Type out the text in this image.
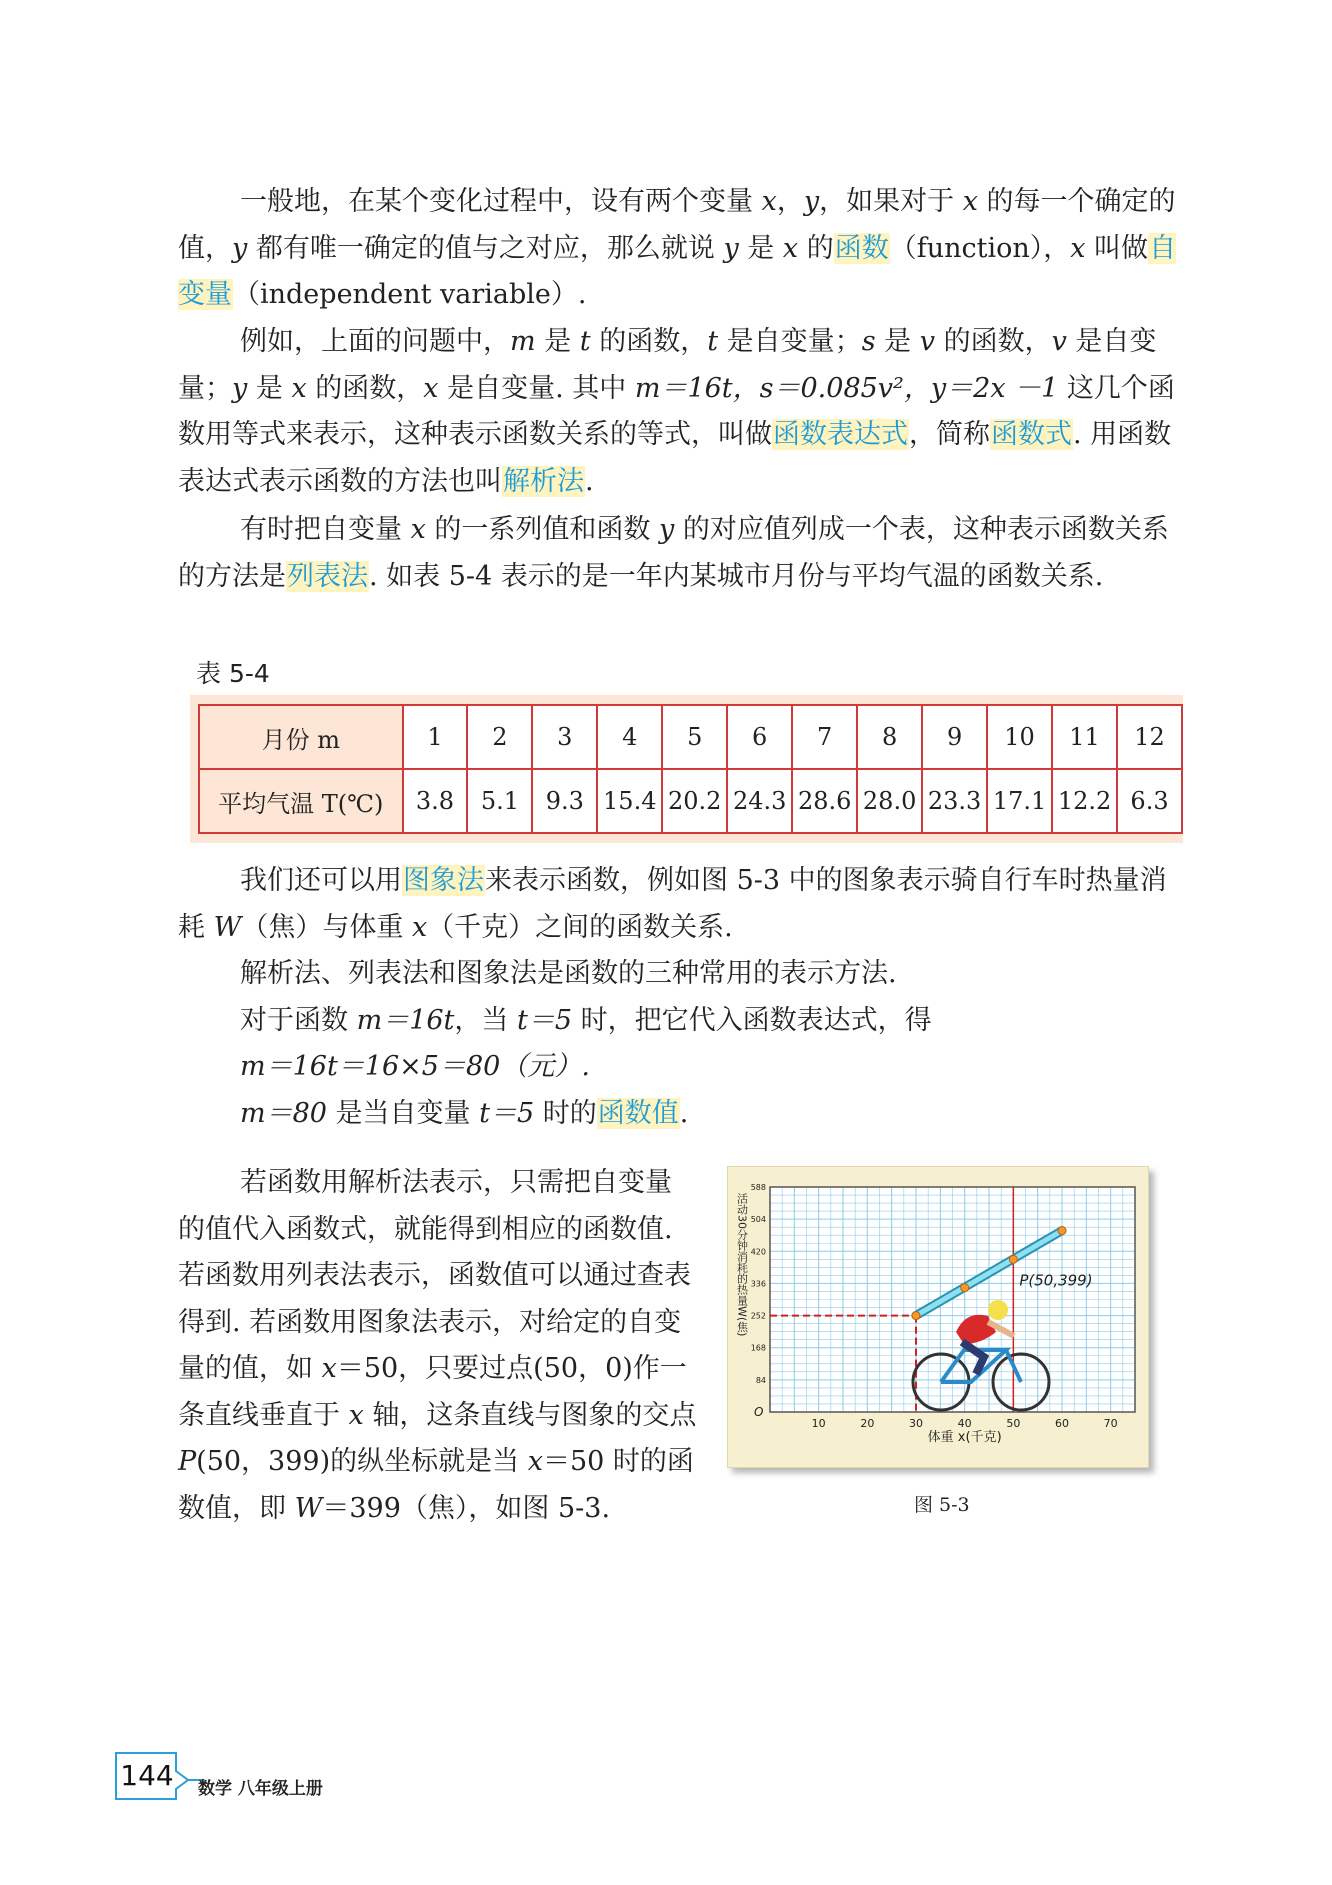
一般地，在某个变化过程中，设有两个变量 x，y，如果对于 x 的每一个确定的值，y 都有唯一确定的值与之对应，那么就说 y 是 x 的函数（function），x 叫做自变量（independent variable）.

例如，上面的问题中，m 是 t 的函数，t 是自变量；s 是 v 的函数，v 是自变量；y 是 x 的函数，x 是自变量. 其中 m＝16t，s＝0.085v²，y＝2x －1 这几个函数用等式来表示，这种表示函数关系的等式，叫做函数表达式，简称函数式. 用函数表达式表示函数的方法也叫解析法.

有时把自变量 x 的一系列值和函数 y 的对应值列成一个表，这种表示函数关系的方法是列表法. 如表 5-4 表示的是一年内某城市月份与平均气温的函数关系.

表 5-4
月份 m	1	2	3	4	5	6	7	8	9	10	11	12
平均气温 T(℃)	3.8	5.1	9.3	15.4	20.2	24.3	28.6	28.0	23.3	17.1	12.2	6.3

我们还可以用图象法来表示函数，例如图 5-3 中的图象表示骑自行车时热量消耗 W（焦）与体重 x（千克）之间的函数关系.

解析法、列表法和图象法是函数的三种常用的表示方法.
对于函数 m＝16t，当 t＝5 时，把它代入函数表达式，得
m＝16t＝16×5＝80（元）.
m＝80 是当自变量 t＝5 时的函数值.

若函数用解析法表示，只需把自变量的值代入函数式，就能得到相应的函数值. 若函数用列表法表示，函数值可以通过查表得到. 若函数用图象法表示，对给定的自变量的值，如 x＝50，只要过点(50，0)作一条直线垂直于 x 轴，这条直线与图象的交点 P(50，399)的纵坐标就是当 x＝50 时的函数值，即 W＝399（焦），如图 5-3.

10	20	30	40	50	60	70
84
168
252
336
420
504
588
P(50,399)
体重 x(千克)
活动30分钟消耗的热量W(焦)
O
图 5-3
144 数学 八年级上册
